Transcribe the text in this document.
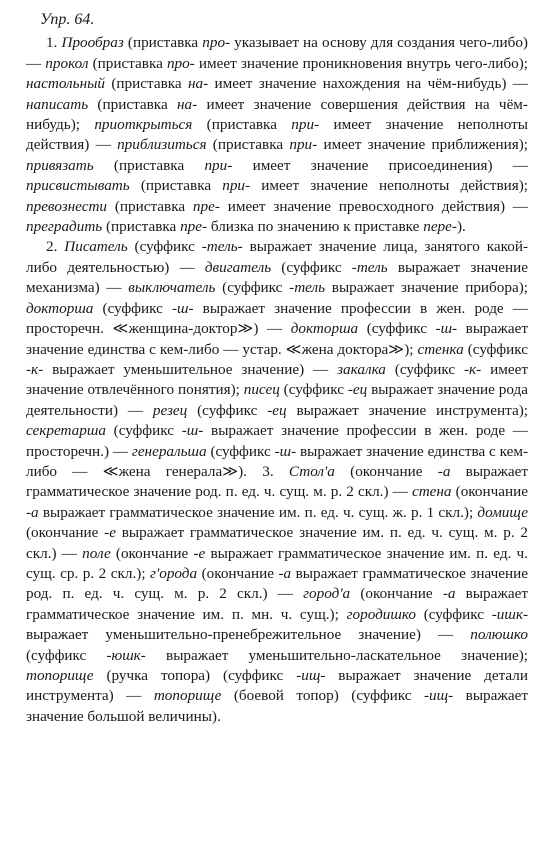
Упр. 64.

1. Прообраз (приставка про- указывает на основу для создания чего-либо) — прокол (приставка про- имеет значение проникновения внутрь чего-либо); настольный (приставка на- имеет значение нахождения на чём-нибудь) — написать (приставка на- имеет значение совершения действия на чём-нибудь); приоткрыться (приставка при- имеет значение неполноты действия) — приблизиться (приставка при- имеет значение приближения); привязать (приставка при- имеет значение присоединения) — присвистывать (приставка при- имеет значение неполноты действия); превознести (приставка пре- имеет значение превосходного действия) — преградить (приставка пре- близка по значению к приставке пере-).

2. Писатель (суффикс -тель- выражает значение лица, занятого какой-либо деятельностью) — двигатель (суффикс -тель выражает значение механизма) — выключатель (суффикс -тель выражает значение прибора); докторша (суффикс -ш- выражает значение профессии в жен. роде — просторечн. ≪женщина-доктор≫) — докторша (суффикс -ш- выражает значение единства с кем-либо — устар. ≪жена доктора≫); стенка (суффикс -к- выражает уменьшительное значение) — закалка (суффикс -к- имеет значение отвлечённого понятия); писец (суффикс -ец выражает значение рода деятельности) — резец (суффикс -ец выражает значение инструмента); секретарша (суффикс -ш- выражает значение профессии в жен. роде — просторечн.) — генеральша (суффикс -ш- выражает значение единства с кем-либо — ≪жена генерала≫). 3. Стол'а (окончание -а выражает грамматическое значение род. п. ед. ч. сущ. м. р. 2 скл.) — стена (окончание -а выражает грамматическое значение им. п. ед. ч. сущ. ж. р. 1 скл.); домище (окончание -е выражает грамматическое значение им. п. ед. ч. сущ. м. р. 2 скл.) — поле (окончание -е выражает грамматическое значение им. п. ед. ч. сущ. ср. р. 2 скл.); г'орода (окончание -а выражает грамматическое значение род. п. ед. ч. сущ. м. р. 2 скл.) — город'а (окончание -а выражает грамматическое значение им. п. мн. ч. сущ.); городишко (суффикс -ишк- выражает уменьшительно-пренебрежительное значение) — полюшко (суффикс -юшк- выражает уменьшительно-ласкательное значение); топорище (ручка топора) (суффикс -ищ- выражает значение детали инструмента) — топорище (боевой топор) (суффикс -ищ- выражает значение большой величины).
